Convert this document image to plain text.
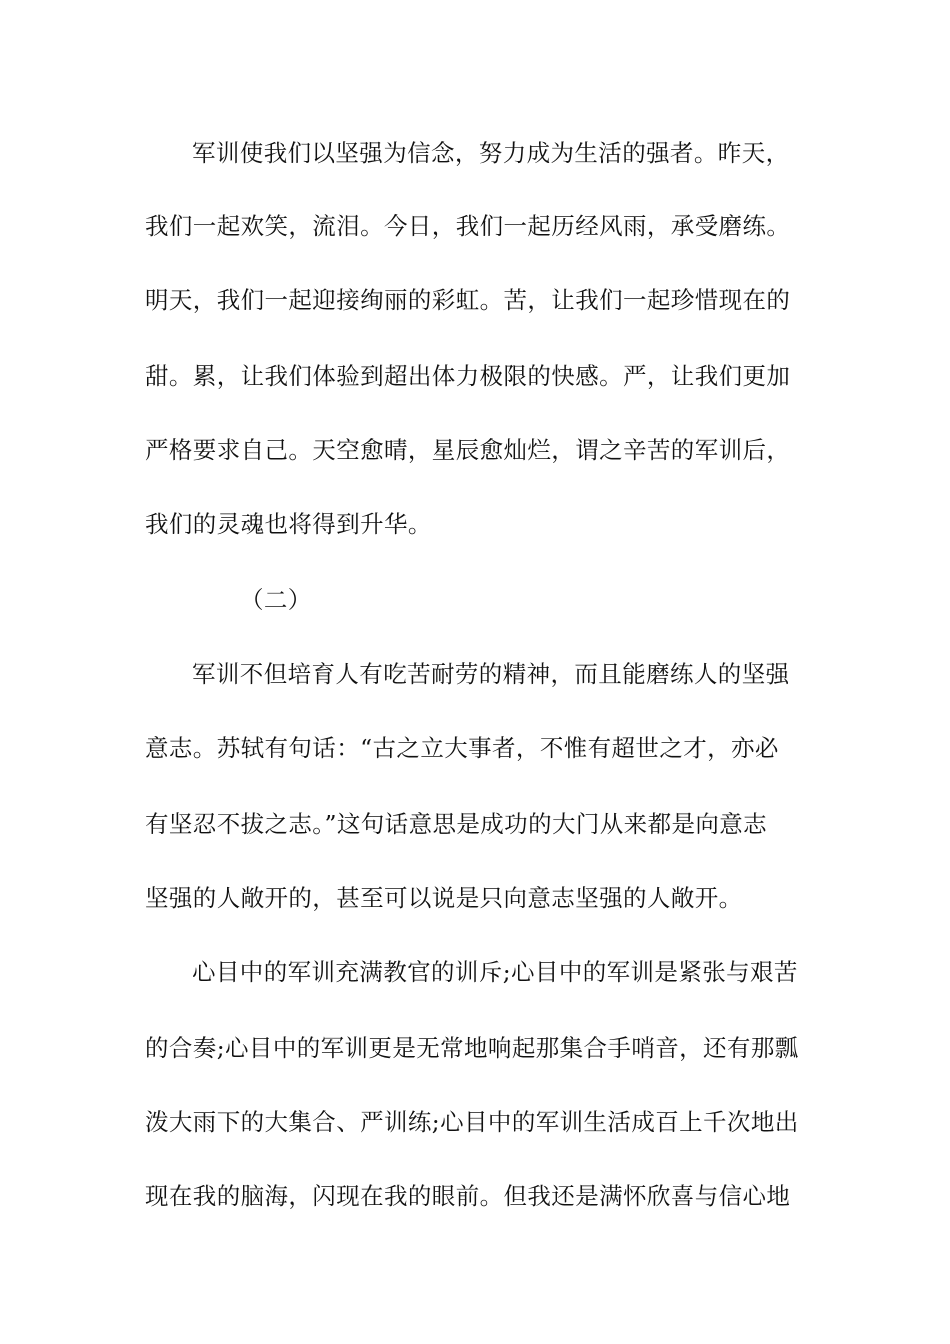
军训使我们以坚强为信念，努力成为生活的强者。昨天，
我们一起欢笑，流泪。今日，我们一起历经风雨，承受磨练。
明天，我们一起迎接绚丽的彩虹。苦，让我们一起珍惜现在的
甜。累，让我们体验到超出体力极限的快感。严，让我们更加
严格要求自己。天空愈晴，星辰愈灿烂，谓之辛苦的军训后，
我们的灵魂也将得到升华。
（二）
军训不但培育人有吃苦耐劳的精神，而且能磨练人的坚强
意志。苏轼有句话：“古之立大事者，不惟有超世之才，亦必
有坚忍不拔之志。”这句话意思是成功的大门从来都是向意志
坚强的人敞开的，甚至可以说是只向意志坚强的人敞开。
心目中的军训充满教官的训斥;心目中的军训是紧张与艰苦
的合奏;心目中的军训更是无常地响起那集合手哨音，还有那瓢
泼大雨下的大集合、严训练;心目中的军训生活成百上千次地出
现在我的脑海，闪现在我的眼前。但我还是满怀欣喜与信心地
